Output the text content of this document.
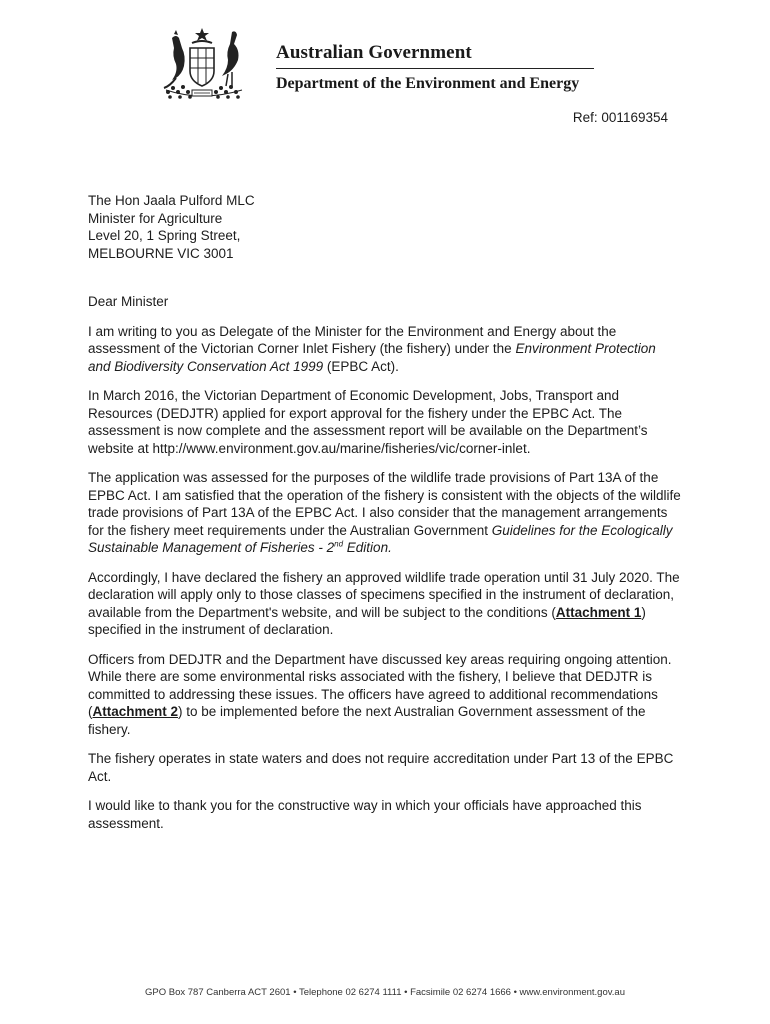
Australian Government
Department of the Environment and Energy
Ref: 001169354
The Hon Jaala Pulford MLC
Minister for Agriculture
Level 20, 1 Spring Street,
MELBOURNE VIC 3001

Dear Minister

I am writing to you as Delegate of the Minister for the Environment and Energy about the assessment of the Victorian Corner Inlet Fishery (the fishery) under the Environment Protection and Biodiversity Conservation Act 1999 (EPBC Act).

In March 2016, the Victorian Department of Economic Development, Jobs, Transport and Resources (DEDJTR) applied for export approval for the fishery under the EPBC Act. The assessment is now complete and the assessment report will be available on the Department’s website at http://www.environment.gov.au/marine/fisheries/vic/corner-inlet.

The application was assessed for the purposes of the wildlife trade provisions of Part 13A of the EPBC Act. I am satisfied that the operation of the fishery is consistent with the objects of the wildlife trade provisions of Part 13A of the EPBC Act. I also consider that the management arrangements for the fishery meet requirements under the Australian Government Guidelines for the Ecologically Sustainable Management of Fisheries - 2nd Edition.

Accordingly, I have declared the fishery an approved wildlife trade operation until 31 July 2020. The declaration will apply only to those classes of specimens specified in the instrument of declaration, available from the Department's website, and will be subject to the conditions (Attachment 1) specified in the instrument of declaration.

Officers from DEDJTR and the Department have discussed key areas requiring ongoing attention. While there are some environmental risks associated with the fishery, I believe that DEDJTR is committed to addressing these issues. The officers have agreed to additional recommendations (Attachment 2) to be implemented before the next Australian Government assessment of the fishery.

The fishery operates in state waters and does not require accreditation under Part 13 of the EPBC Act.

I would like to thank you for the constructive way in which your officials have approached this assessment.

GPO Box 787 Canberra ACT 2601 • Telephone 02 6274 1111 • Facsimile 02 6274 1666 • www.environment.gov.au
